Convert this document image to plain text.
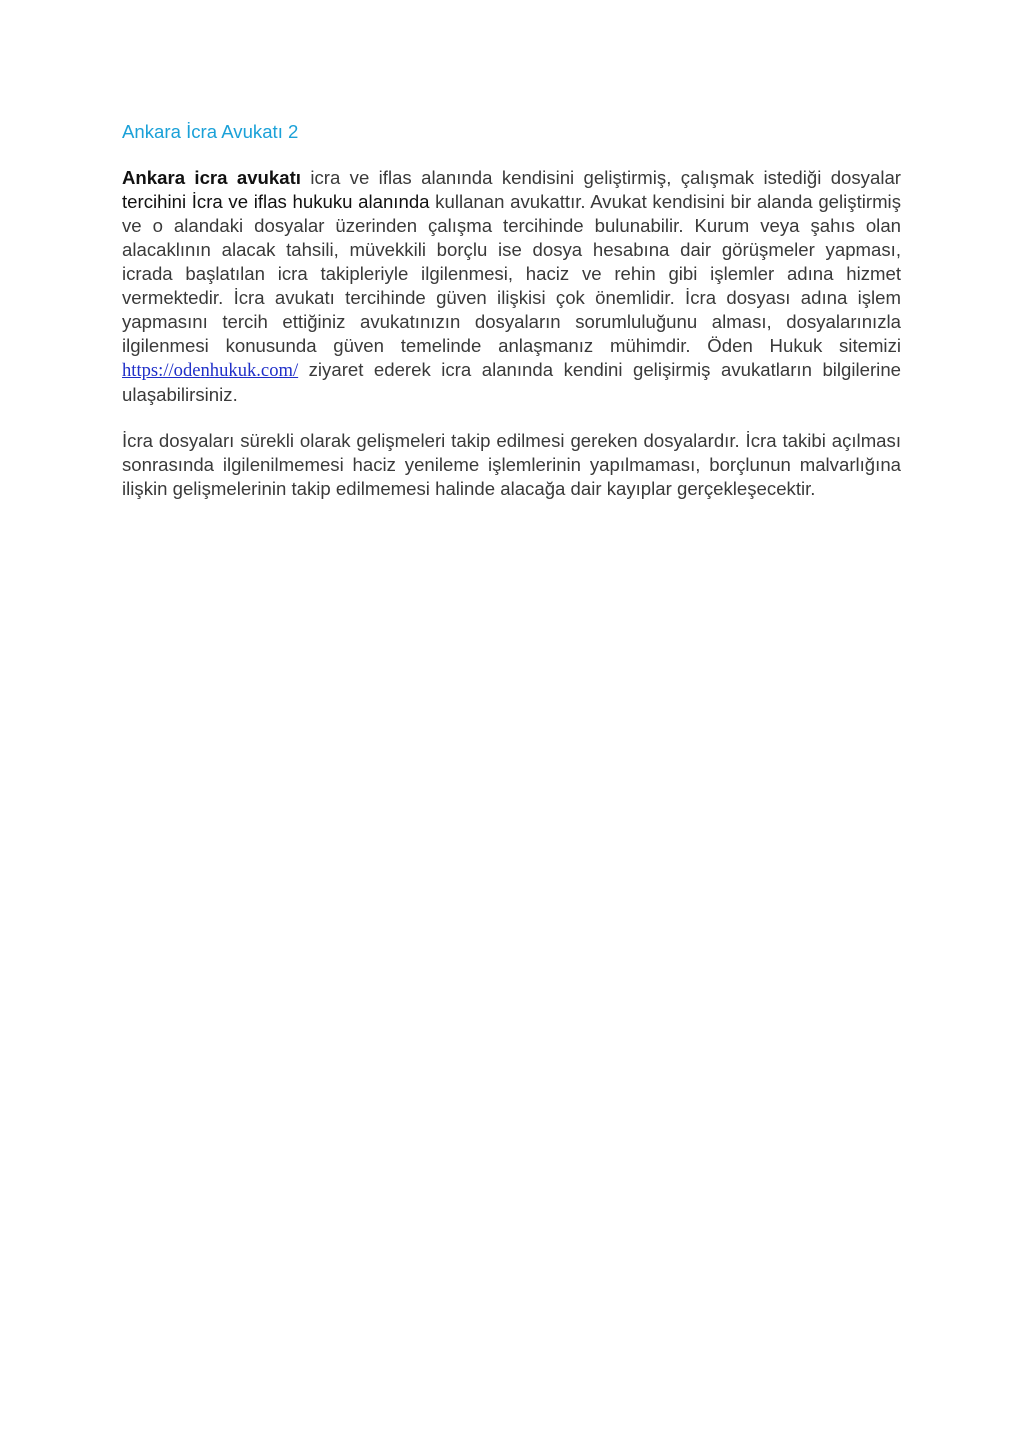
Ankara İcra Avukatı 2

Ankara icra avukatı icra ve iflas alanında kendisini geliştirmiş, çalışmak istediği dosyalar tercihini İcra ve iflas hukuku alanında kullanan avukattır. Avukat kendisini bir alanda geliştirmiş ve o alandaki dosyalar üzerinden çalışma tercihinde bulunabilir. Kurum veya şahıs olan alacaklının alacak tahsili, müvekkili borçlu ise dosya hesabına dair görüşmeler yapması, icrada başlatılan icra takipleriyle ilgilenmesi, haciz ve rehin gibi işlemler adına hizmet vermektedir. İcra avukatı tercihinde güven ilişkisi çok önemlidir. İcra dosyası adına işlem yapmasını tercih ettiğiniz avukatınızın dosyaların sorumluluğunu alması, dosyalarınızla ilgilenmesi konusunda güven temelinde anlaşmanız mühimdir. Öden Hukuk sitemizi https://odenhukuk.com/ ziyaret ederek icra alanında kendini gelişirmiş avukatların bilgilerine ulaşabilirsiniz.

İcra dosyaları sürekli olarak gelişmeleri takip edilmesi gereken dosyalardır. İcra takibi açılması sonrasında ilgilenilmemesi haciz yenileme işlemlerinin yapılmaması, borçlunun malvarlığına ilişkin gelişmelerinin takip edilmemesi halinde alacağa dair kayıplar gerçekleşecektir.
